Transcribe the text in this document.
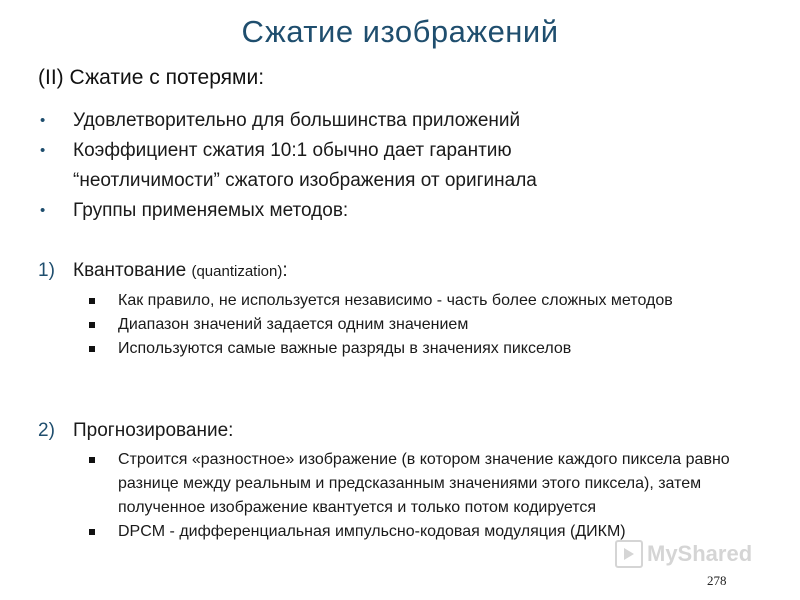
Сжатие изображений
(II) Сжатие с потерями:
• Удовлетворительно для большинства приложений
• Коэффициент сжатия 10:1 обычно дает гарантию
“неотличимости” сжатого изображения от оригинала
• Группы применяемых методов:
1) Квантование (quantization):
Как правило, не используется независимо - часть более сложных методов
Диапазон значений задается одним значением
Используются самые важные разряды в значениях пикселов
2) Прогнозирование:
Строится «разностное» изображение (в котором значение каждого пиксела равно разнице между реальным и предсказанным значениями этого пиксела), затем полученное изображение квантуется и только потом кодируется
DPCM - дифференциальная импульсно-кодовая модуляция (ДИКМ)
MyShared
278
